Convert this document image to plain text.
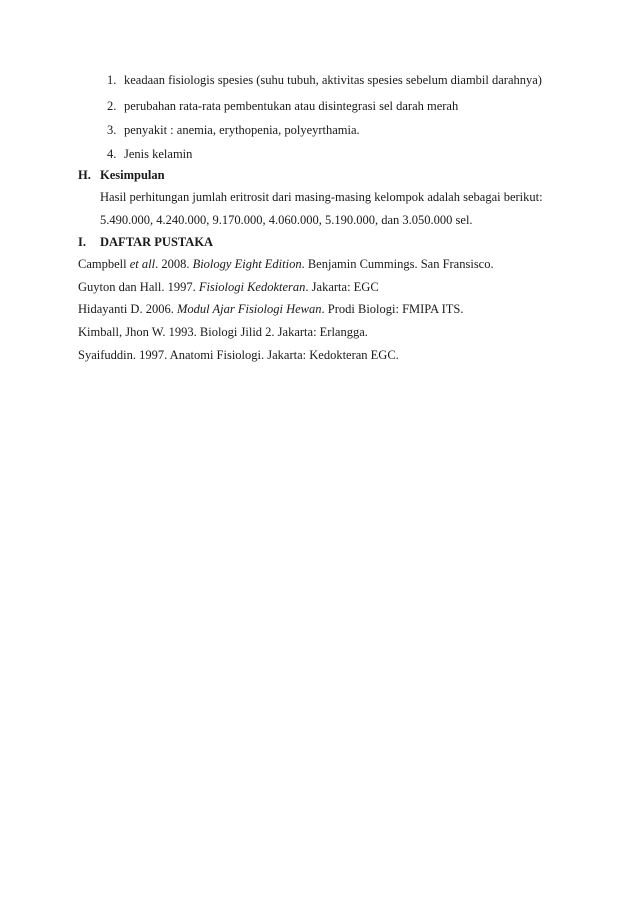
1. keadaan fisiologis spesies (suhu tubuh, aktivitas spesies sebelum diambil darahnya)
2. perubahan rata-rata pembentukan atau disintegrasi sel darah merah
3. penyakit : anemia, erythopenia, polyeyrthamia.
4. Jenis kelamin
H. Kesimpulan
Hasil perhitungan jumlah eritrosit dari masing-masing kelompok adalah sebagai berikut:
5.490.000, 4.240.000, 9.170.000, 4.060.000, 5.190.000, dan 3.050.000 sel.
I. DAFTAR PUSTAKA
Campbell et all. 2008. Biology Eight Edition. Benjamin Cummings. San Fransisco.
Guyton dan Hall. 1997. Fisiologi Kedokteran. Jakarta: EGC
Hidayanti D. 2006. Modul Ajar Fisiologi Hewan. Prodi Biologi: FMIPA ITS.
Kimball, Jhon W. 1993. Biologi Jilid 2. Jakarta: Erlangga.
Syaifuddin. 1997. Anatomi Fisiologi. Jakarta: Kedokteran EGC.
